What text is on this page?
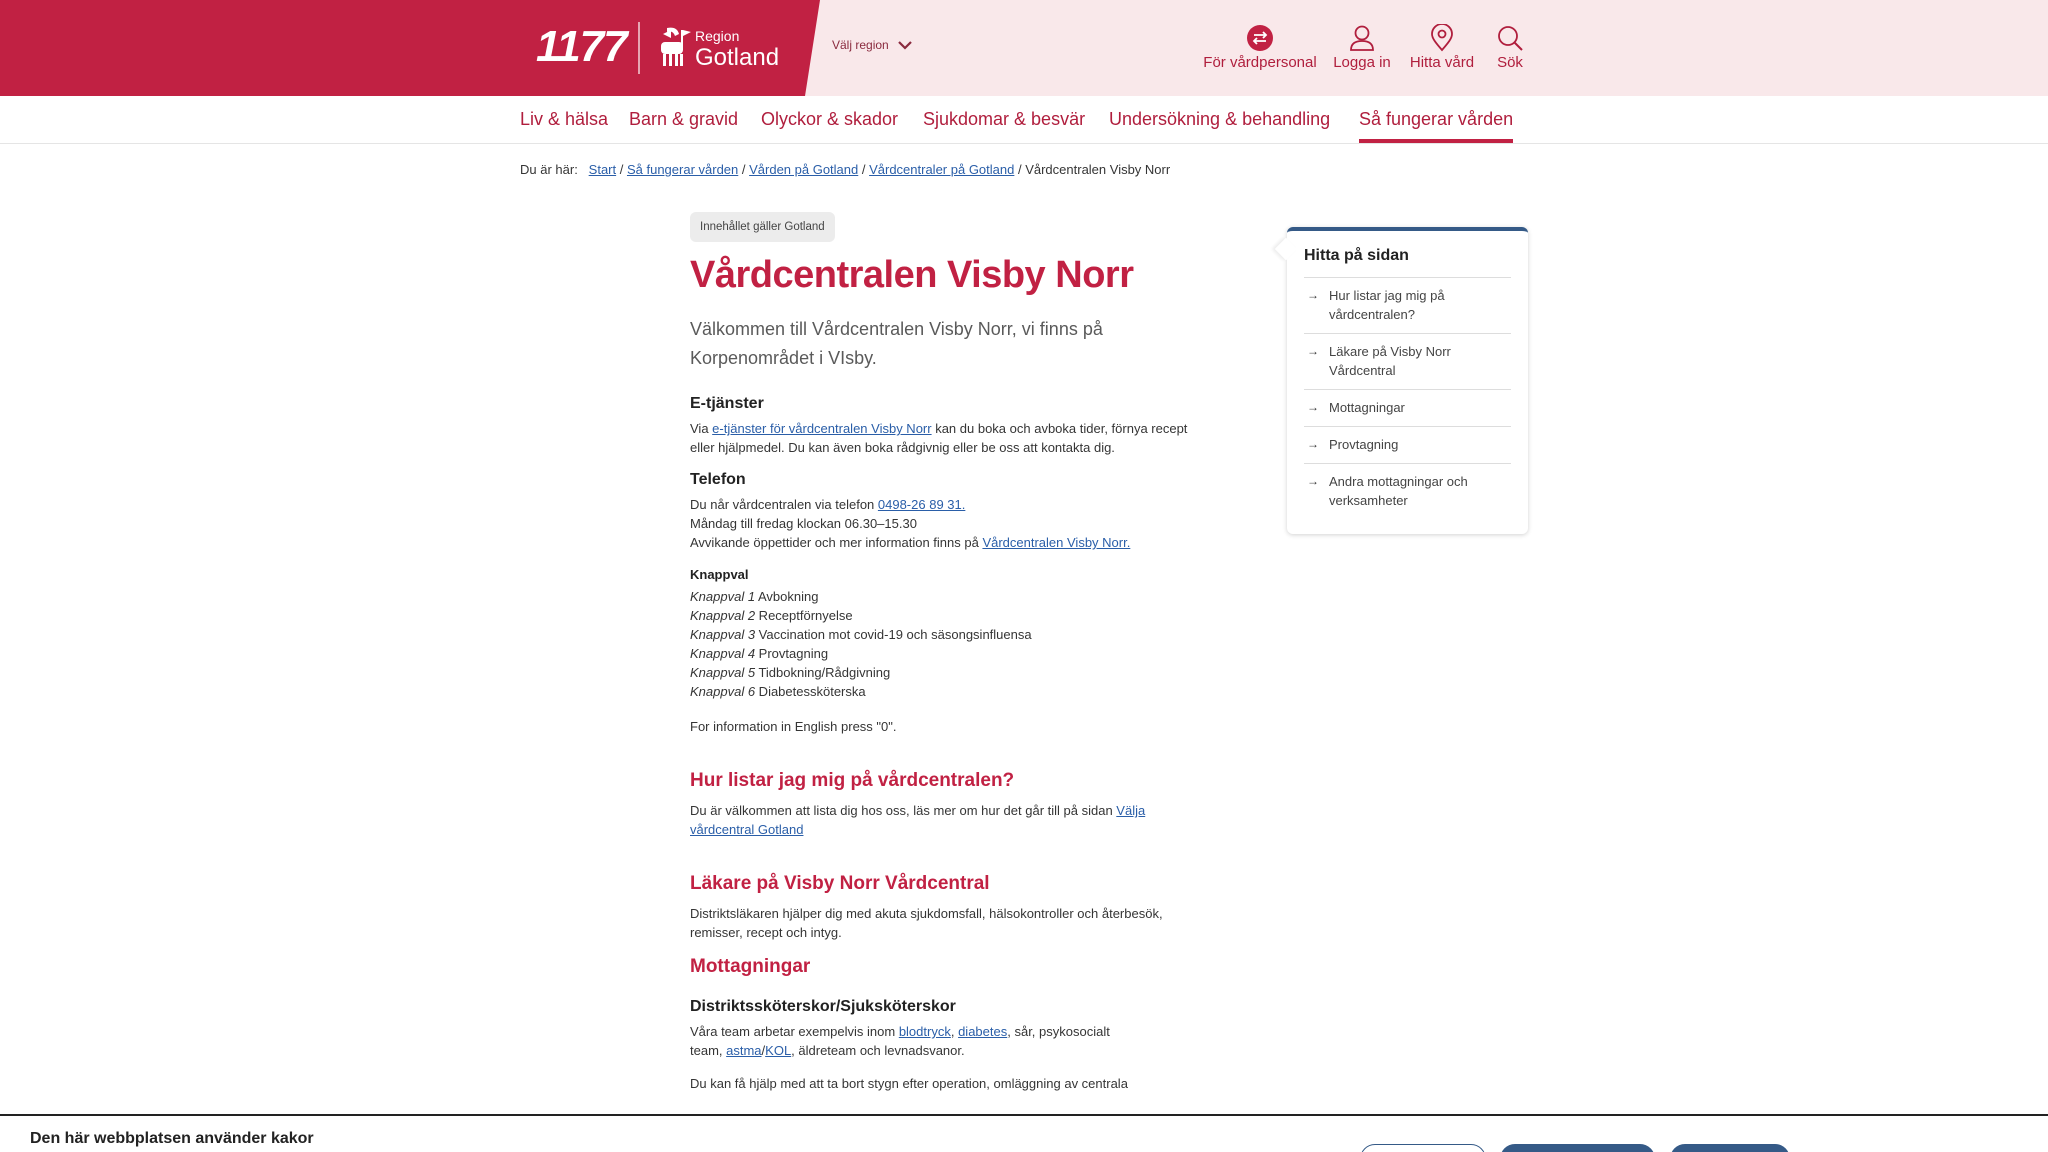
1177	Region
Gotland	Välj region
För vårdpersonal Logga in Hitta vård	Sök
Liv & hälsa Barn & gravid Olyckor & skador Sjukdomar & besvär Undersökning & behandling Så fungerar vården
Du är här: Start / Så fungerar vården / Vården på Gotland / Vårdcentraler på Gotland / Vårdcentralen Visby Norr
Innehållet gäller Gotland
Vårdcentralen Visby Norr
Välkommen till Vårdcentralen Visby Norr, vi finns på Korpenområdet i VIsby.
E-tjänster

Via e-tjänster för vårdcentralen Visby Norr kan du boka och avboka tider, förnya recept eller hjälpmedel. Du kan även boka rådgivnig eller be oss att kontakta dig.

Telefon

Du når vårdcentralen via telefon 0498-26 89 31.
Måndag till fredag klockan 06.30–15.30
Avvikande öppettider och mer information finns på Vårdcentralen Visby Norr.

Knappval
Knappval 1 Avbokning
Knappval 2 Receptförnyelse
Knappval 3 Vaccination mot covid-19 och säsongsinfluensa
Knappval 4 Provtagning
Knappval 5 Tidbokning/Rådgivning
Knappval 6 Diabetessköterska

For information in English press "0".

Hur listar jag mig på vårdcentralen?

Du är välkommen att lista dig hos oss, läs mer om hur det går till på sidan Välja vårdcentral Gotland

Läkare på Visby Norr Vårdcentral

Distriktsläkaren hjälper dig med akuta sjukdomsfall, hälsokontroller och återbesök, remisser, recept och intyg.

Mottagningar
Distriktssköterskor/Sjuksköterskor

Våra team arbetar exempelvis inom blodtryck, diabetes, sår, psykosocialt team, astma/KOL, äldreteam och levnadsvanor.

Du kan få hjälp med att ta bort stygn efter operation, omläggning av centrala

Hitta på sidan
→ Hur listar jag mig på vårdcentralen?
→ Läkare på Visby Norr Vårdcentral
→ Mottagningar
→ Provtagning
→ Andra mottagningar och verksamheter
Den här webbplatsen använder kakor
